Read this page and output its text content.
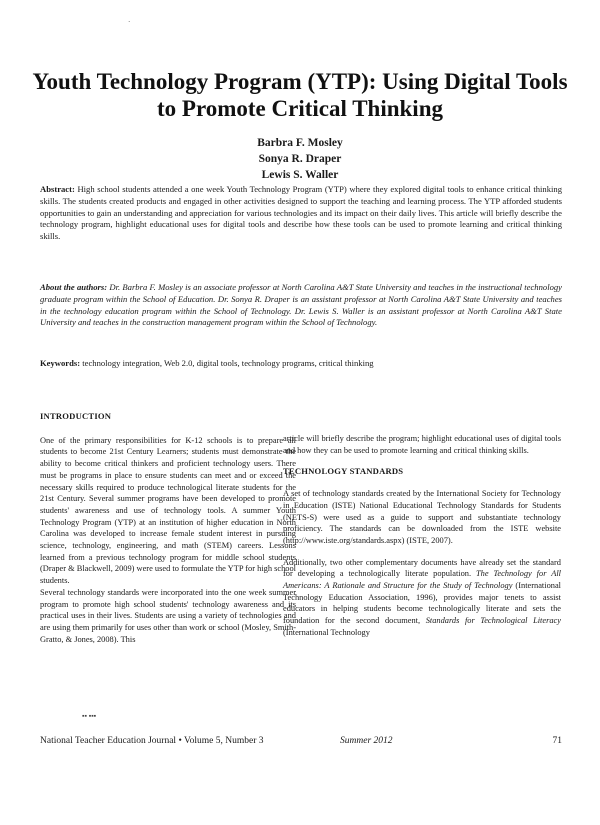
·
Youth Technology Program (YTP): Using Digital Tools to Promote Critical Thinking
Barbra F. Mosley
Sonya R. Draper
Lewis S. Waller
Abstract: High school students attended a one week Youth Technology Program (YTP) where they explored digital tools to enhance critical thinking skills. The students created products and engaged in other activities designed to support the teaching and learning process. The YTP afforded students opportunities to gain an understanding and appreciation for various technologies and its impact on their daily lives. This article will briefly describe the technology program, highlight educational uses for digital tools and describe how these tools can be used to promote learning and critical thinking skills.
About the authors: Dr. Barbra F. Mosley is an associate professor at North Carolina A&T State University and teaches in the instructional technology graduate program within the School of Education. Dr. Sonya R. Draper is an assistant professor at North Carolina A&T State University and teaches in the technology education program within the School of Technology. Dr. Lewis S. Waller is an assistant professor at North Carolina A&T State University and teaches in the construction management program within the School of Technology.
Keywords: technology integration, Web 2.0, digital tools, technology programs, critical thinking

INTRODUCTION

One of the primary responsibilities for K-12 schools is to prepare all students to become 21st Century Learners; students must demonstrate the ability to become critical thinkers and proficient technology users. There must be programs in place to ensure students can meet and or exceed the necessary skills required to produce technological literate students for the 21st Century. Several summer programs have been developed to promote students' awareness and use of technology tools. A summer Youth Technology Program (YTP) at an institution of higher education in North Carolina was developed to increase female student interest in pursuing science, technology, engineering, and math (STEM) careers. Lessons learned from a previous technology program for middle school students (Draper & Blackwell, 2009) were used to formulate the YTP for high school students.

Several technology standards were incorporated into the one week summer program to promote high school students' technology awareness and its practical uses in their lives. Students are using a variety of technologies and are using them primarily for uses other than work or school (Mosley, Smith-Gratto, & Jones, 2008). This

article will briefly describe the program; highlight educational uses of digital tools and how they can be used to promote learning and critical thinking skills.

TECHNOLOGY STANDARDS

A set of technology standards created by the International Society for Technology in Education (ISTE) National Educational Technology Standards for Students (NETS-S) were used as a guide to support and substantiate technology proficiency. The standards can be downloaded from the ISTE website (http://www.iste.org/standards.aspx) (ISTE, 2007).

Additionally, two other complementary documents have already set the standard for developing a technologically literate population. The Technology for All Americans: A Rationale and Structure for the Study of Technology (International Technology Education Association, 1996), provides major tenets to assist educators in helping students become technologically literate and sets the foundation for the second document, Standards for Technological Literacy (International Technology

▪▪ ▪▪▪
National Teacher Education Journal • Volume 5, Number 3	Summer 2012	71
